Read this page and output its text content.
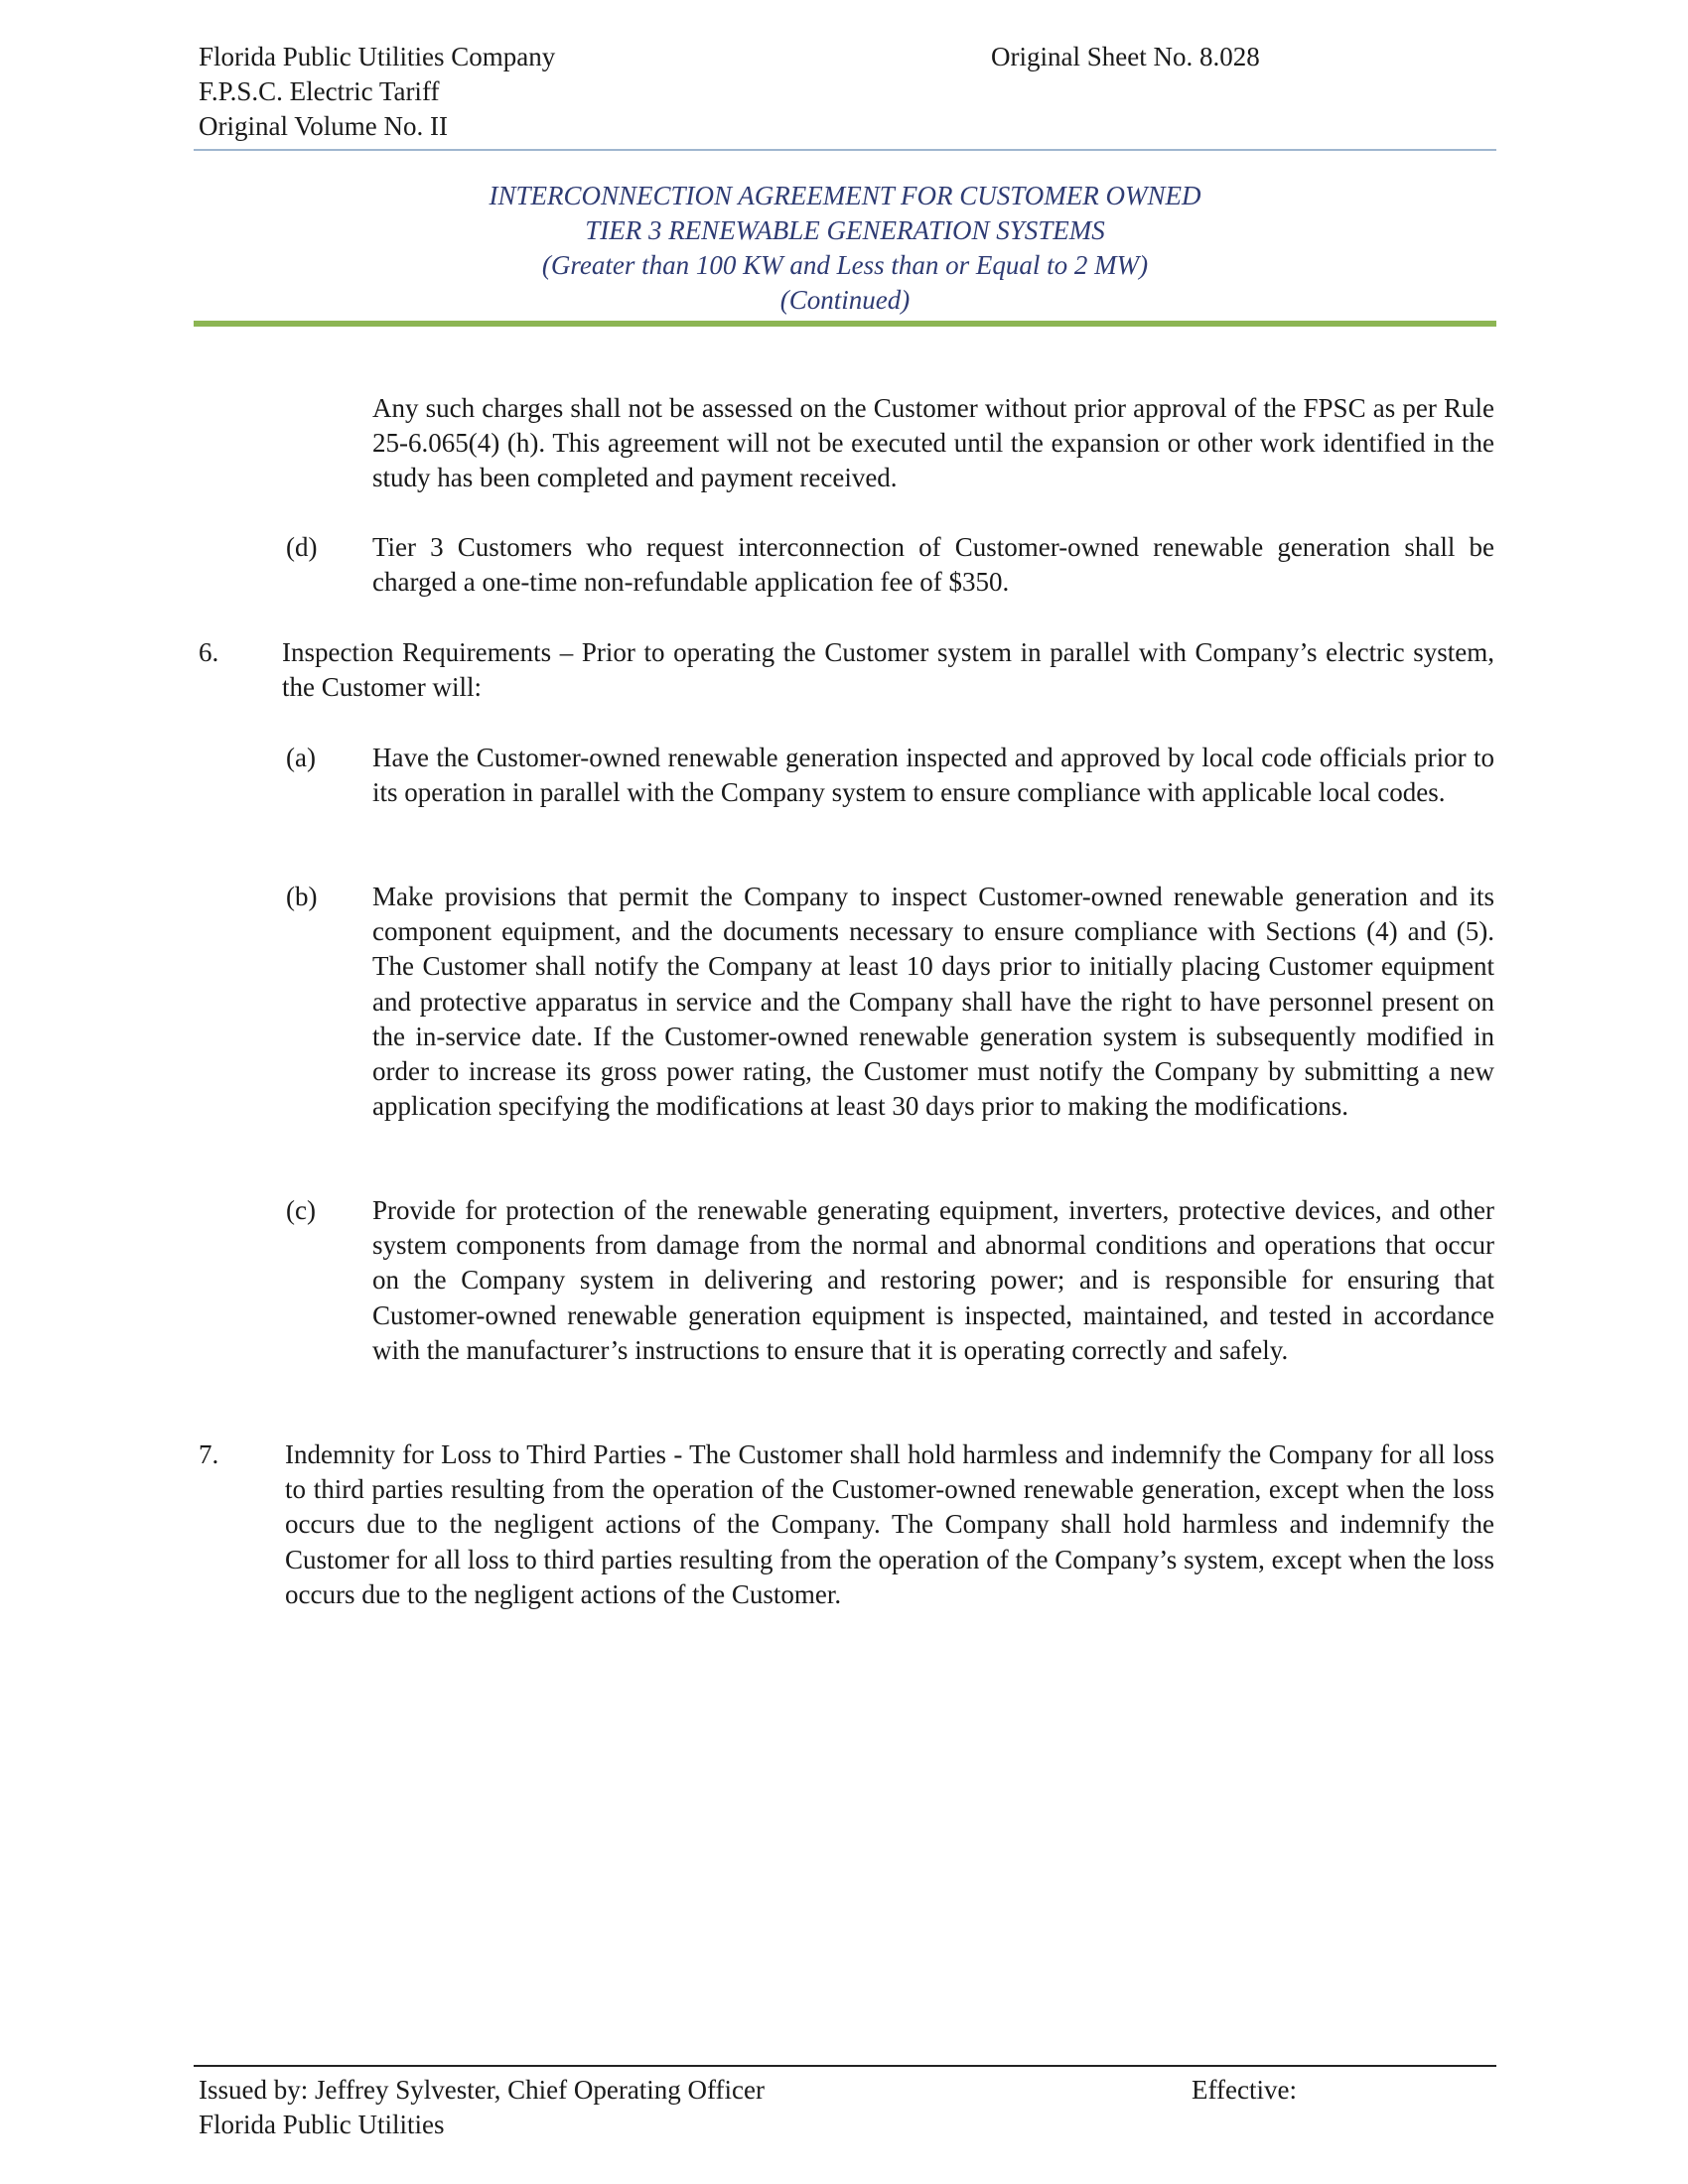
Florida Public Utilities Company
F.P.S.C. Electric Tariff
Original Volume No. II
Original Sheet No. 8.028
INTERCONNECTION AGREEMENT FOR CUSTOMER OWNED
TIER 3 RENEWABLE GENERATION SYSTEMS
(Greater than 100 KW and Less than or Equal to 2 MW)
(Continued)
Any such charges shall not be assessed on the Customer without prior approval of the FPSC as per Rule 25-6.065(4) (h). This agreement will not be executed until the expansion or other work identified in the study has been completed and payment received.
(d) Tier 3 Customers who request interconnection of Customer-owned renewable generation shall be charged a one-time non-refundable application fee of $350.
6. Inspection Requirements – Prior to operating the Customer system in parallel with Company’s electric system, the Customer will:
(a) Have the Customer-owned renewable generation inspected and approved by local code officials prior to its operation in parallel with the Company system to ensure compliance with applicable local codes.
(b) Make provisions that permit the Company to inspect Customer-owned renewable generation and its component equipment, and the documents necessary to ensure compliance with Sections (4) and (5). The Customer shall notify the Company at least 10 days prior to initially placing Customer equipment and protective apparatus in service and the Company shall have the right to have personnel present on the in-service date. If the Customer-owned renewable generation system is subsequently modified in order to increase its gross power rating, the Customer must notify the Company by submitting a new application specifying the modifications at least 30 days prior to making the modifications.
(c) Provide for protection of the renewable generating equipment, inverters, protective devices, and other system components from damage from the normal and abnormal conditions and operations that occur on the Company system in delivering and restoring power; and is responsible for ensuring that Customer-owned renewable generation equipment is inspected, maintained, and tested in accordance with the manufacturer’s instructions to ensure that it is operating correctly and safely.
7. Indemnity for Loss to Third Parties - The Customer shall hold harmless and indemnify the Company for all loss to third parties resulting from the operation of the Customer-owned renewable generation, except when the loss occurs due to the negligent actions of the Company. The Company shall hold harmless and indemnify the Customer for all loss to third parties resulting from the operation of the Company’s system, except when the loss occurs due to the negligent actions of the Customer.
Issued by: Jeffrey Sylvester, Chief Operating Officer
Florida Public Utilities
Effective:
